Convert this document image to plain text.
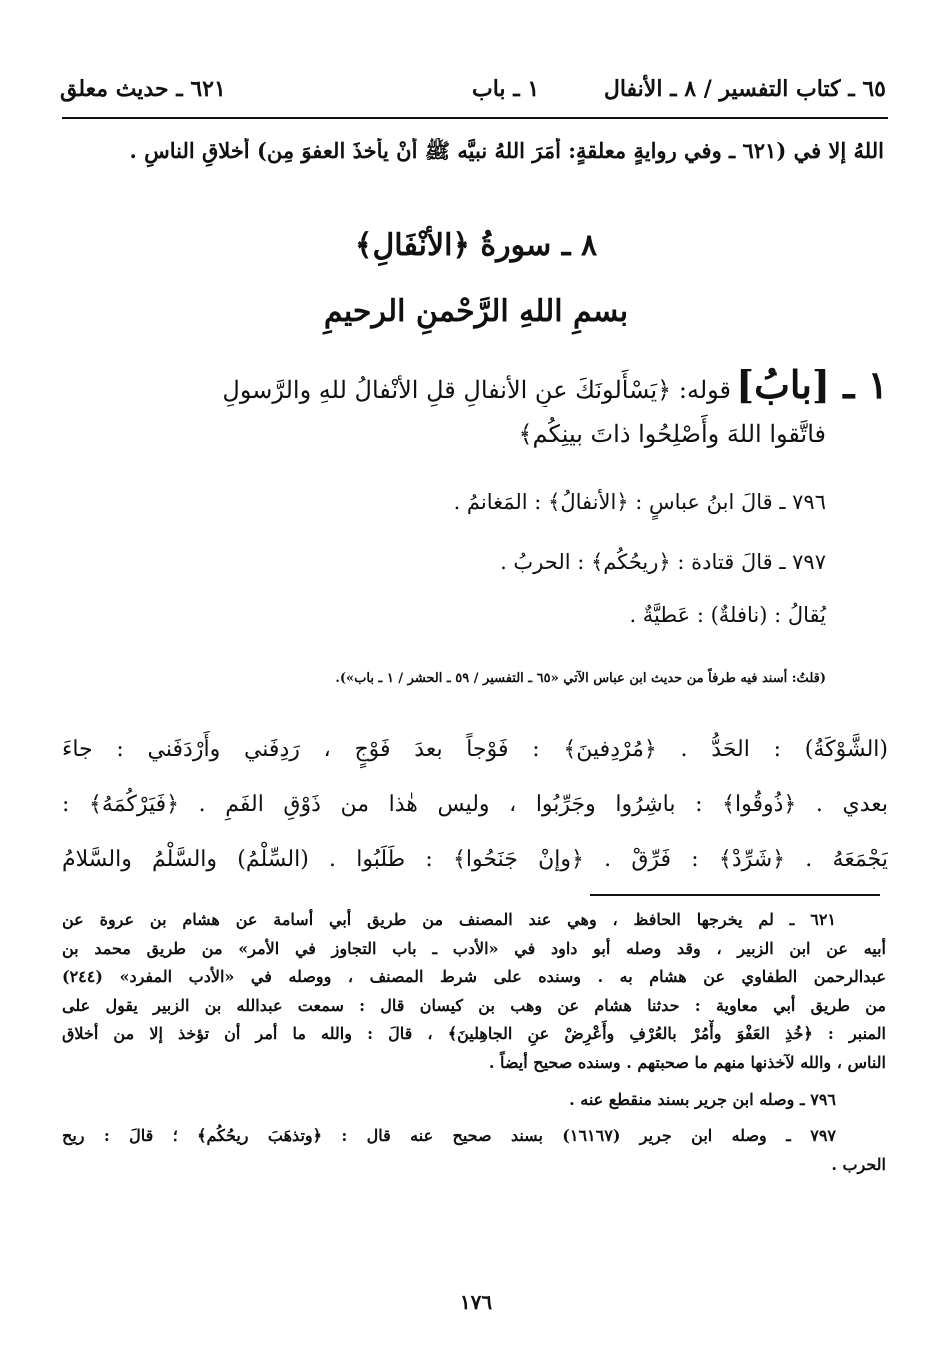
٦٥ ـ كتاب التفسير / ٨ ـ الأنفال
١ ـ باب
٦٢١ ـ حديث معلق
اللهُ إلا في (٦٢١ ـ وفي روايةٍ معلقةٍ: أَمَرَ اللهُ نبيَّه ﷺ أنْ يأخذَ العفوَ مِن) أخلاقِ الناسِ .
٨ ـ سورةُ ﴿الأنْفَالِ﴾
بسمِ اللهِ الرَّحْمنِ الرحيمِ
١ ـ [بابُ] قوله: ﴿يَسْأَلونَكَ عنِ الأنفالِ قلِ الأنْفالُ للهِ والرَّسولِ
فاتَّقوا اللهَ وأَصْلِحُوا ذاتَ بينِكُم﴾
٧٩٦ ـ قالَ ابنُ عباسٍ : ﴿الأنفالُ﴾ : المَغانمُ .
٧٩٧ ـ قالَ قتادة : ﴿ريحُكُم﴾ : الحربُ .
يُقالُ : (نافلةٌ) : عَطيَّةٌ .
(قلتُ: أسند فيه طرفاً من حديث ابن عباس الآتي «٦٥ ـ التفسير / ٥٩ ـ الحشر / ١ ـ باب»).
(الشَّوْكَةُ) : الحَدُّ . ﴿مُرْدِفينَ﴾ : فَوْجاً بعدَ فَوْجٍ ، رَدِفَني وأَرْدَفَني : جاءَ
بعدي . ﴿ذُوقُوا﴾ : باشِرُوا وجَرِّبُوا ، وليس هٰذا من ذَوْقِ الفَمِ . ﴿فَيَرْكُمَهُ﴾ :
يَجْمَعَهُ . ﴿شَرِّدْ﴾ : فَرِّقْ . ﴿وإنْ جَنَحُوا﴾ : طَلَبُوا . (السِّلْمُ) والسَّلْمُ والسَّلامُ
٦٢١ ـ لم يخرجها الحافظ ، وهي عند المصنف من طريق أبي أسامة عن هشام بن عروة عن
أبيه عن ابن الزبير ، وقد وصله أبو داود في «الأدب ـ باب التجاوز في الأمر» من طريق محمد بن
عبدالرحمن الطفاوي عن هشام به . وسنده على شرط المصنف ، ووصله في «الأدب المفرد» (٢٤٤)
من طريق أبي معاوية : حدثنا هشام عن وهب بن كيسان قال : سمعت عبدالله بن الزبير يقول على
المنبر : ﴿خُذِ العَفْوَ وأْمُرْ بالعُرْفِ وأَعْرِضْ عنِ الجاهِلينَ﴾ ، قالَ : والله ما أمر أن تؤخذ إلا من أخلاق
الناس ، والله لآخذنها منهم ما صحبتهم . وسنده صحيح أيضاً .
٧٩٦ ـ وصله ابن جرير بسند منقطع عنه .
٧٩٧ ـ وصله ابن جرير (١٦١٦٧) بسند صحيح عنه قال : ﴿وتذهَبَ ريحُكُم﴾ ؛ قالَ : ريح
الحرب .
١٧٦
